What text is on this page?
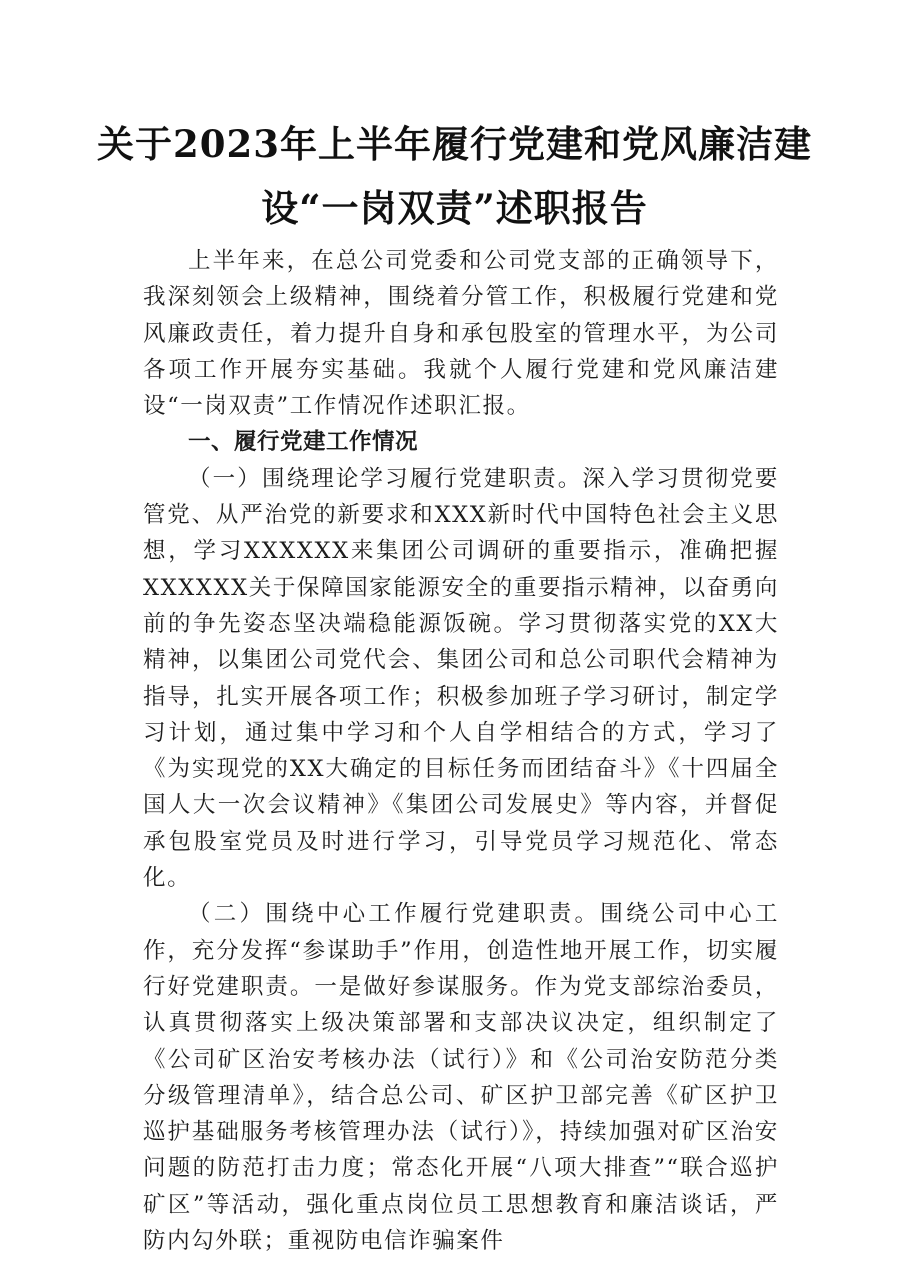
关于2023年上半年履行党建和党风廉洁建
设“一岗双责”述职报告

上半年来，在总公司党委和公司党支部的正确领导下，我深刻领会上级精神，围绕着分管工作，积极履行党建和党风廉政责任，着力提升自身和承包股室的管理水平，为公司各项工作开展夯实基础。我就个人履行党建和党风廉洁建设“一岗双责”工作情况作述职汇报。

一、履行党建工作情况

（一）围绕理论学习履行党建职责。深入学习贯彻党要管党、从严治党的新要求和XXX新时代中国特色社会主义思想，学习XXXXXX来集团公司调研的重要指示，准确把握XXXXXX关于保障国家能源安全的重要指示精神，以奋勇向前的争先姿态坚决端稳能源饭碗。学习贯彻落实党的XX大精神，以集团公司党代会、集团公司和总公司职代会精神为指导，扎实开展各项工作；积极参加班子学习研讨，制定学习计划，通过集中学习和个人自学相结合的方式，学习了《为实现党的XX大确定的目标任务而团结奋斗》《十四届全国人大一次会议精神》《集团公司发展史》等内容，并督促承包股室党员及时进行学习，引导党员学习规范化、常态化。

（二）围绕中心工作履行党建职责。围绕公司中心工作，充分发挥“参谋助手”作用，创造性地开展工作，切实履行好党建职责。一是做好参谋服务。作为党支部综治委员，认真贯彻落实上级决策部署和支部决议决定，组织制定了《公司矿区治安考核办法（试行）》和《公司治安防范分类分级管理清单》，结合总公司、矿区护卫部完善《矿区护卫巡护基础服务考核管理办法（试行）》，持续加强对矿区治安问题的防范打击力度；常态化开展“八项大排查”“联合巡护矿区”等活动，强化重点岗位员工思想教育和廉洁谈话，严防内勾外联；重视防电信诈骗案件
